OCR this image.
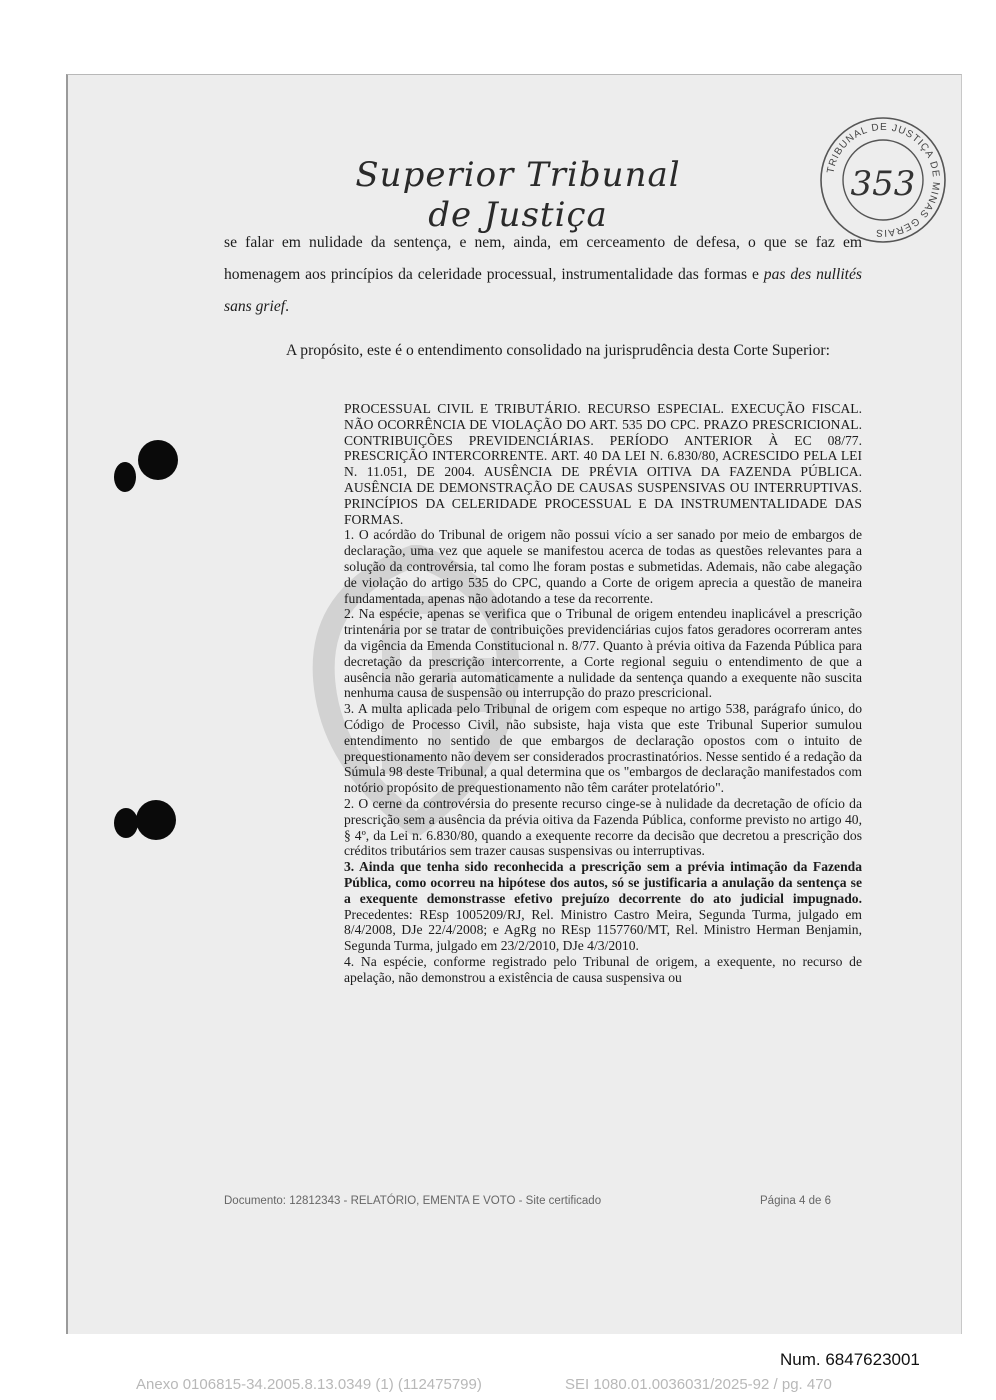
Superior Tribunal de Justiça
TRIBUNAL DE JUSTIÇA DE MINAS GERAIS
353

se falar em nulidade da sentença, e nem, ainda, em cerceamento de defesa, o que se faz em homenagem aos princípios da celeridade processual, instrumentalidade das formas e pas des nullités sans grief.

A propósito, este é o entendimento consolidado na jurisprudência desta Corte Superior:

PROCESSUAL CIVIL E TRIBUTÁRIO. RECURSO ESPECIAL. EXECUÇÃO FISCAL. NÃO OCORRÊNCIA DE VIOLAÇÃO DO ART. 535 DO CPC. PRAZO PRESCRICIONAL. CONTRIBUIÇÕES PREVIDENCIÁRIAS. PERÍODO ANTERIOR À EC 08/77. PRESCRIÇÃO INTERCORRENTE. ART. 40 DA LEI N. 6.830/80, ACRESCIDO PELA LEI N. 11.051, DE 2004. AUSÊNCIA DE PRÉVIA OITIVA DA FAZENDA PÚBLICA. AUSÊNCIA DE DEMONSTRAÇÃO DE CAUSAS SUSPENSIVAS OU INTERRUPTIVAS. PRINCÍPIOS DA CELERIDADE PROCESSUAL E DA INSTRUMENTALIDADE DAS FORMAS.

1. O acórdão do Tribunal de origem não possui vício a ser sanado por meio de embargos de declaração, uma vez que aquele se manifestou acerca de todas as questões relevantes para a solução da controvérsia, tal como lhe foram postas e submetidas. Ademais, não cabe alegação de violação do artigo 535 do CPC, quando a Corte de origem aprecia a questão de maneira fundamentada, apenas não adotando a tese da recorrente.

2. Na espécie, apenas se verifica que o Tribunal de origem entendeu inaplicável a prescrição trintenária por se tratar de contribuições previdenciárias cujos fatos geradores ocorreram antes da vigência da Emenda Constitucional n. 8/77. Quanto à prévia oitiva da Fazenda Pública para decretação da prescrição intercorrente, a Corte regional seguiu o entendimento de que a ausência não geraria automaticamente a nulidade da sentença quando a exequente não suscita nenhuma causa de suspensão ou interrupção do prazo prescricional.

3. A multa aplicada pelo Tribunal de origem com espeque no artigo 538, parágrafo único, do Código de Processo Civil, não subsiste, haja vista que este Tribunal Superior sumulou entendimento no sentido de que embargos de declaração opostos com o intuito de prequestionamento não devem ser considerados procrastinatórios. Nesse sentido é a redação da Súmula 98 deste Tribunal, a qual determina que os "embargos de declaração manifestados com notório propósito de prequestionamento não têm caráter protelatório".

2. O cerne da controvérsia do presente recurso cinge-se à nulidade da decretação de ofício da prescrição sem a ausência da prévia oitiva da Fazenda Pública, conforme previsto no artigo 40, § 4º, da Lei n. 6.830/80, quando a exequente recorre da decisão que decretou a prescrição dos créditos tributários sem trazer causas suspensivas ou interruptivas.

3. Ainda que tenha sido reconhecida a prescrição sem a prévia intimação da Fazenda Pública, como ocorreu na hipótese dos autos, só se justificaria a anulação da sentença se a exequente demonstrasse efetivo prejuízo decorrente do ato judicial impugnado. Precedentes: REsp 1005209/RJ, Rel. Ministro Castro Meira, Segunda Turma, julgado em 8/4/2008, DJe 22/4/2008; e AgRg no REsp 1157760/MT, Rel. Ministro Herman Benjamin, Segunda Turma, julgado em 23/2/2010, DJe 4/3/2010.

4. Na espécie, conforme registrado pelo Tribunal de origem, a exequente, no recurso de apelação, não demonstrou a existência de causa suspensiva ou

Documento: 12812343 - RELATÓRIO, EMENTA E VOTO - Site certificado	Página 4 de 6
Num. 6847623001
Anexo 0106815-34.2005.8.13.0349 (1) (112475799)	SEI 1080.01.0036031/2025-92 / pg. 470
